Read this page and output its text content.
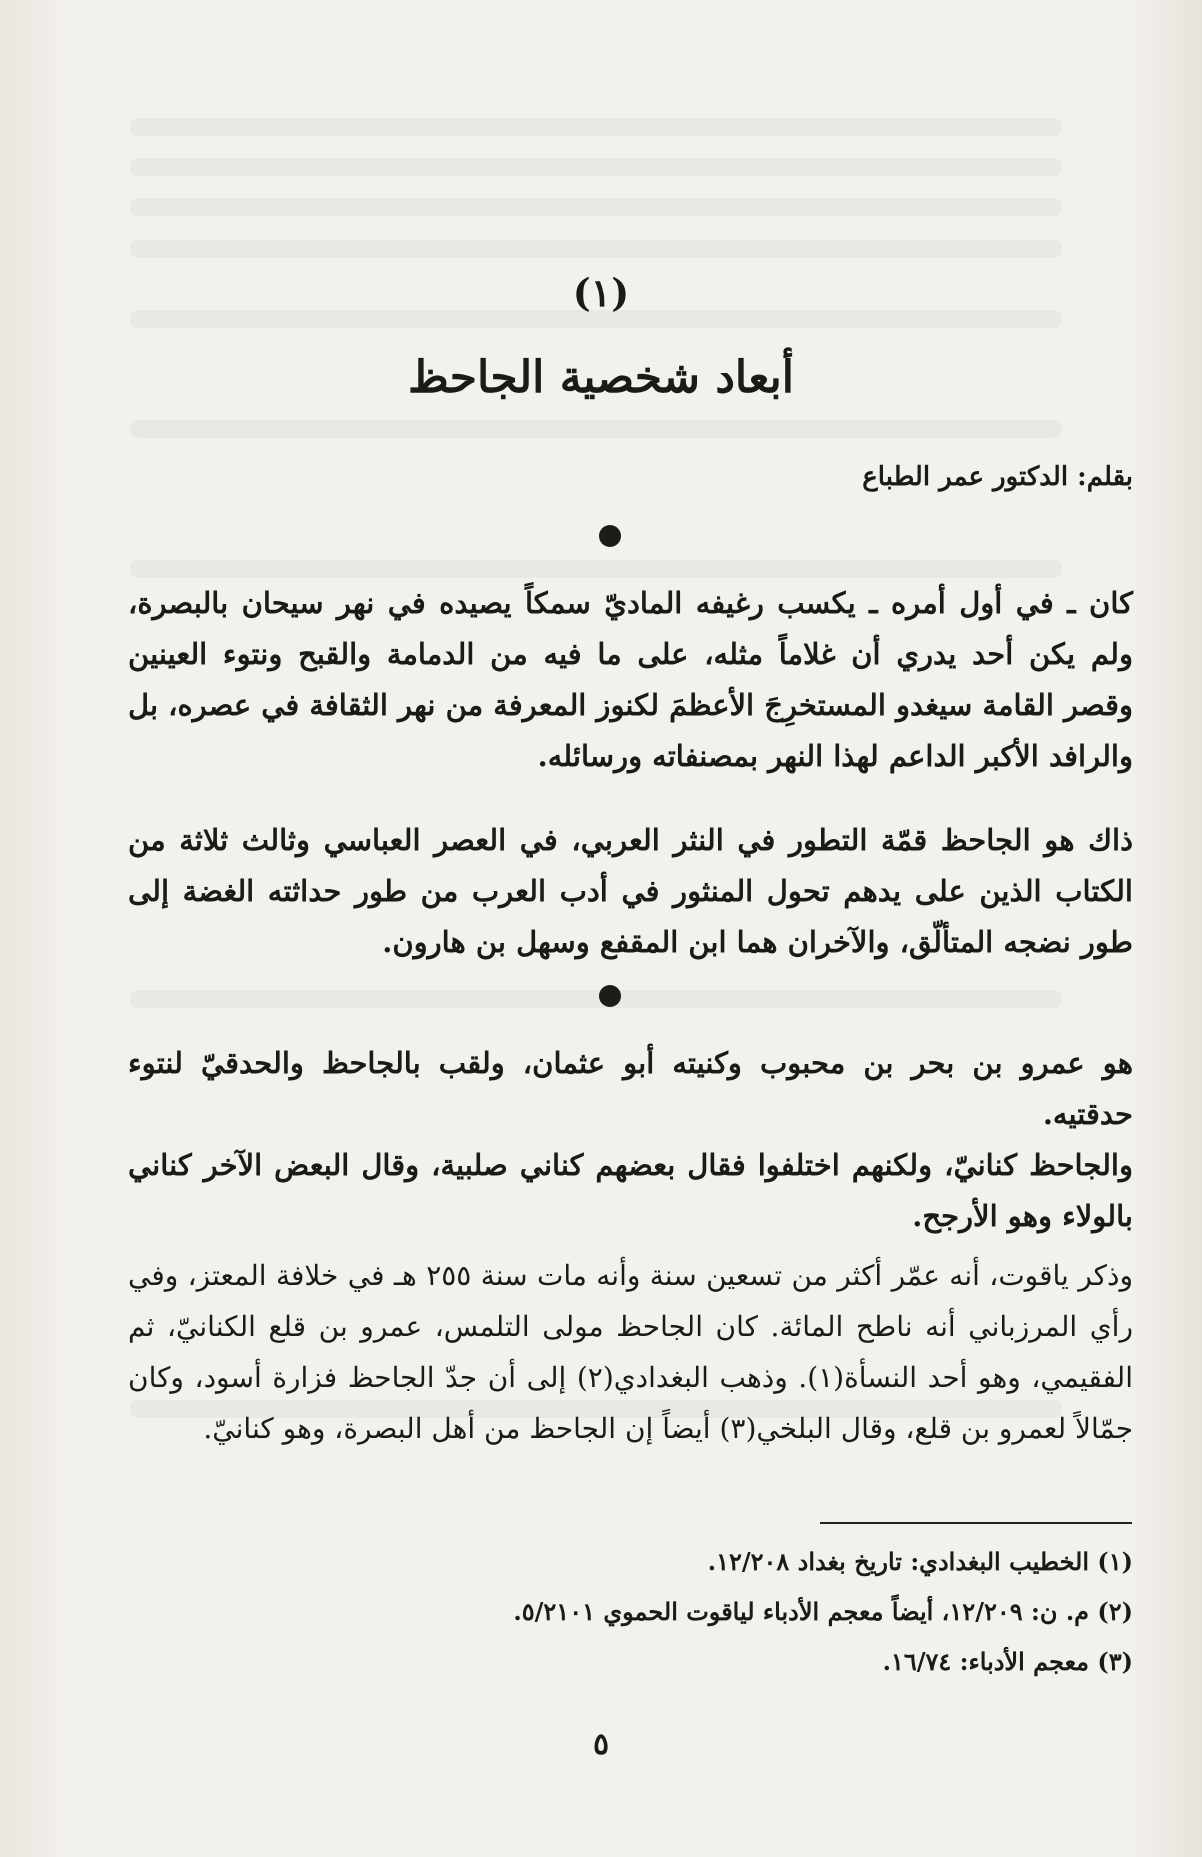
(١)
أبعاد شخصية الجاحظ
بقلم: الدكتور عمر الطباع

كان ـ في أول أمره ـ يكسب رغيفه الماديّ سمكاً يصيده في نهر سيحان بالبصرة، ولم يكن أحد يدري أن غلاماً مثله، على ما فيه من الدمامة والقبح ونتوء العينين وقصر القامة سيغدو المستخرِجَ الأعظمَ لكنوز المعرفة من نهر الثقافة في عصره، بل والرافد الأكبر الداعم لهذا النهر بمصنفاته ورسائله.

ذاك هو الجاحظ قمّة التطور في النثر العربي، في العصر العباسي وثالث ثلاثة من الكتاب الذين على يدهم تحول المنثور في أدب العرب من طور حداثته الغضة إلى طور نضجه المتألّق، والآخران هما ابن المقفع وسهل بن هارون.

هو عمرو بن بحر بن محبوب وكنيته أبو عثمان، ولقب بالجاحظ والحدقيّ لنتوء حدقتيه.

والجاحظ كنانيّ، ولكنهم اختلفوا فقال بعضهم كناني صلبية، وقال البعض الآخر كناني بالولاء وهو الأرجح.

وذكر ياقوت، أنه عمّر أكثر من تسعين سنة وأنه مات سنة ٢٥٥ هـ في خلافة المعتز، وفي رأي المرزباني أنه ناطح المائة. كان الجاحظ مولى التلمس، عمرو بن قلع الكنانيّ، ثم الفقيمي، وهو أحد النسأة(١). وذهب البغدادي(٢) إلى أن جدّ الجاحظ فزارة أسود، وكان جمّالاً لعمرو بن قلع، وقال البلخي(٣) أيضاً إن الجاحظ من أهل البصرة، وهو كنانيّ.

(١) الخطيب البغدادي: تاريخ بغداد ١٢/٢٠٨.
(٢) م. ن: ١٢/٢٠٩، أيضاً معجم الأدباء لياقوت الحموي ٥/٢١٠١.
(٣) معجم الأدباء: ١٦/٧٤.
٥
